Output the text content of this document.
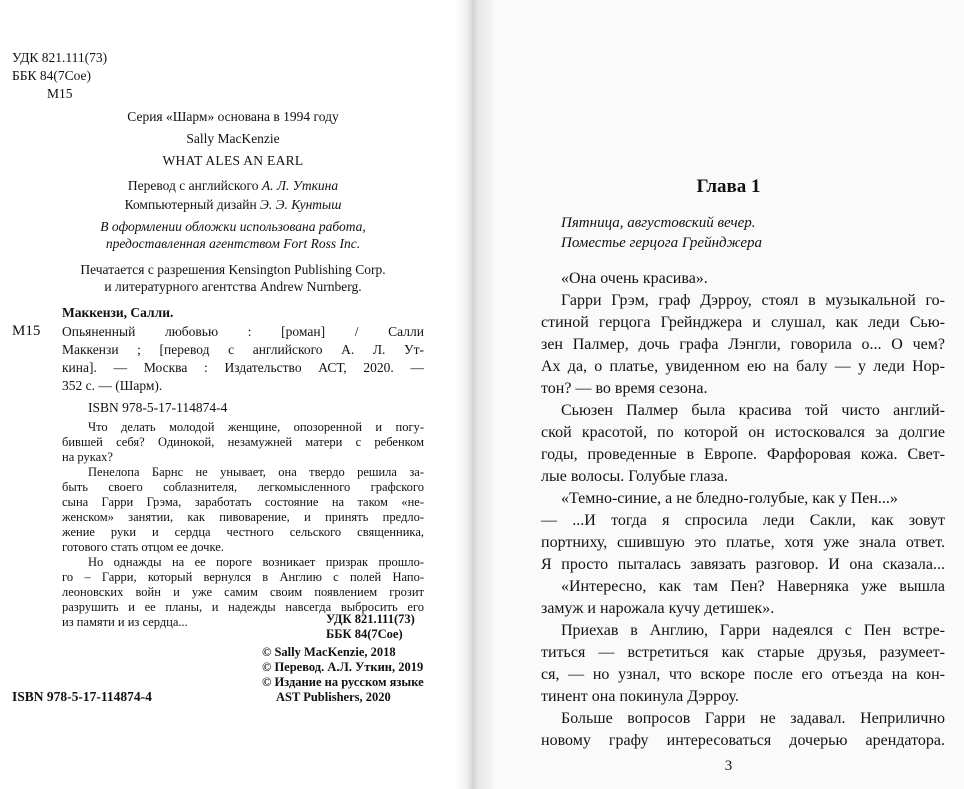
УДК 821.111(73)
ББК 84(7Сое)
М15
Серия «Шарм» основана в 1994 году
Sally MacKenzie
WHAT ALES AN EARL
Перевод с английского А. Л. Уткина
Компьютерный дизайн Э. Э. Кунтыш
В оформлении обложки использована работа,
предоставленная агентством Fort Ross Inc.
Печатается с разрешения Kensington Publishing Corp.
и литературного агентства Andrew Nurnberg.
Маккензи, Салли.
М15 Опьяненный любовью : [роман] / Салли
Маккензи ; [перевод с английского А. Л. Ут-
кина]. — Москва : Издательство АСТ, 2020. —
352 с. — (Шарм).
ISBN 978-5-17-114874-4
Что делать молодой женщине, опозоренной и погу-
бившей себя? Одинокой, незамужней матери с ребенком
на руках?
Пенелопа Барнс не унывает, она твердо решила за-
быть своего соблазнителя, легкомысленного графского
сына Гарри Грэма, заработать состояние на таком «не-
женском» занятии, как пивоварение, и принять предло-
жение руки и сердца честного сельского священника,
готового стать отцом ее дочке.
Но однажды на ее пороге возникает призрак прошло-
го – Гарри, который вернулся в Англию с полей Напо-
леоновских войн и уже самим своим появлением грозит
разрушить и ее планы, и надежды навсегда выбросить его
из памяти и из сердца...	УДК 821.111(73)
ББК 84(7Сое)
© Sally MacKenzie, 2018
© Перевод. А.Л. Уткин, 2019
© Издание на русском языке
AST Publishers, 2020
ISBN 978-5-17-114874-4
Глава 1
Пятница, августовский вечер.
Поместье герцога Грейнджера
«Она очень красива».
Гарри Грэм, граф Дэрроу, стоял в музыкальной го-
стиной герцога Грейнджера и слушал, как леди Сью-
зен Палмер, дочь графа Лэнгли, говорила о... О чем?
Ах да, о платье, увиденном ею на балу — у леди Нор-
тон? — во время сезона.
Сьюзен Палмер была красива той чисто англий-
ской красотой, по которой он истосковался за долгие
годы, проведенные в Европе. Фарфоровая кожа. Свет-
лые волосы. Голубые глаза.
«Темно-синие, а не бледно-голубые, как у Пен...»
— ...И тогда я спросила леди Сакли, как зовут
портниху, сшившую это платье, хотя уже знала ответ.
Я просто пыталась завязать разговор. И она сказала...
«Интересно, как там Пен? Наверняка уже вышла
замуж и нарожала кучу детишек».
Приехав в Англию, Гарри надеялся с Пен встре-
титься — встретиться как старые друзья, разумеет-
ся, — но узнал, что вскоре после его отъезда на кон-
тинент она покинула Дэрроу.
Больше вопросов Гарри не задавал. Неприлично
новому графу интересоваться дочерью арендатора.
3
